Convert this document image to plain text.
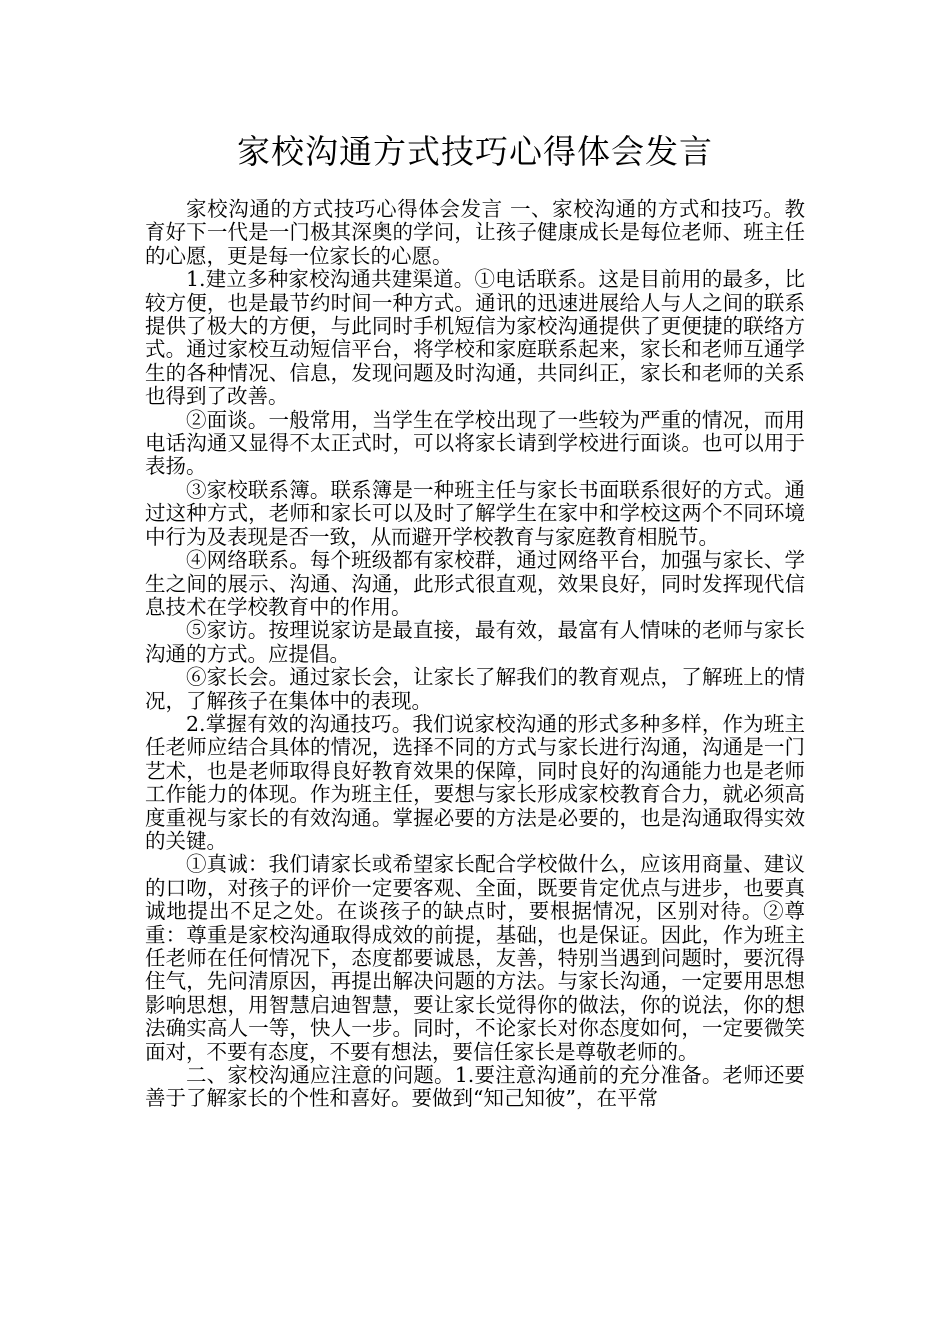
家校沟通方式技巧心得体会发言

家校沟通的方式技巧心得体会发言 一、家校沟通的方式和技巧。教育好下一代是一门极其深奥的学问，让孩子健康成长是每位老师、班主任的心愿，更是每一位家长的心愿。

1.建立多种家校沟通共建渠道。①电话联系。这是目前用的最多，比较方便，也是最节约时间一种方式。通讯的迅速进展给人与人之间的联系提供了极大的方便，与此同时手机短信为家校沟通提供了更便捷的联络方式。通过家校互动短信平台，将学校和家庭联系起来，家长和老师互通学生的各种情况、信息，发现问题及时沟通，共同纠正，家长和老师的关系也得到了改善。

②面谈。一般常用，当学生在学校出现了一些较为严重的情况，而用电话沟通又显得不太正式时，可以将家长请到学校进行面谈。也可以用于表扬。

③家校联系簿。联系簿是一种班主任与家长书面联系很好的方式。通过这种方式，老师和家长可以及时了解学生在家中和学校这两个不同环境中行为及表现是否一致，从而避开学校教育与家庭教育相脱节。

④网络联系。每个班级都有家校群，通过网络平台，加强与家长、学生之间的展示、沟通、沟通，此形式很直观，效果良好，同时发挥现代信息技术在学校教育中的作用。

⑤家访。按理说家访是最直接，最有效，最富有人情味的老师与家长沟通的方式。应提倡。

⑥家长会。通过家长会，让家长了解我们的教育观点，了解班上的情况，了解孩子在集体中的表现。

2.掌握有效的沟通技巧。我们说家校沟通的形式多种多样，作为班主任老师应结合具体的情况，选择不同的方式与家长进行沟通，沟通是一门艺术，也是老师取得良好教育效果的保障，同时良好的沟通能力也是老师工作能力的体现。作为班主任，要想与家长形成家校教育合力，就必须高度重视与家长的有效沟通。掌握必要的方法是必要的，也是沟通取得实效的关键。

①真诚：我们请家长或希望家长配合学校做什么，应该用商量、建议的口吻，对孩子的评价一定要客观、全面，既要肯定优点与进步，也要真诚地提出不足之处。在谈孩子的缺点时，要根据情况，区别对待。②尊重：尊重是家校沟通取得成效的前提，基础，也是保证。因此，作为班主任老师在任何情况下，态度都要诚恳，友善，特别当遇到问题时，要沉得住气，先问清原因，再提出解决问题的方法。与家长沟通，一定要用思想影响思想，用智慧启迪智慧，要让家长觉得你的做法，你的说法，你的想法确实高人一等，快人一步。同时，不论家长对你态度如何，一定要微笑面对，不要有态度，不要有想法，要信任家长是尊敬老师的。

二、家校沟通应注意的问题。1.要注意沟通前的充分准备。老师还要善于了解家长的个性和喜好。要做到“知己知彼”，在平常
